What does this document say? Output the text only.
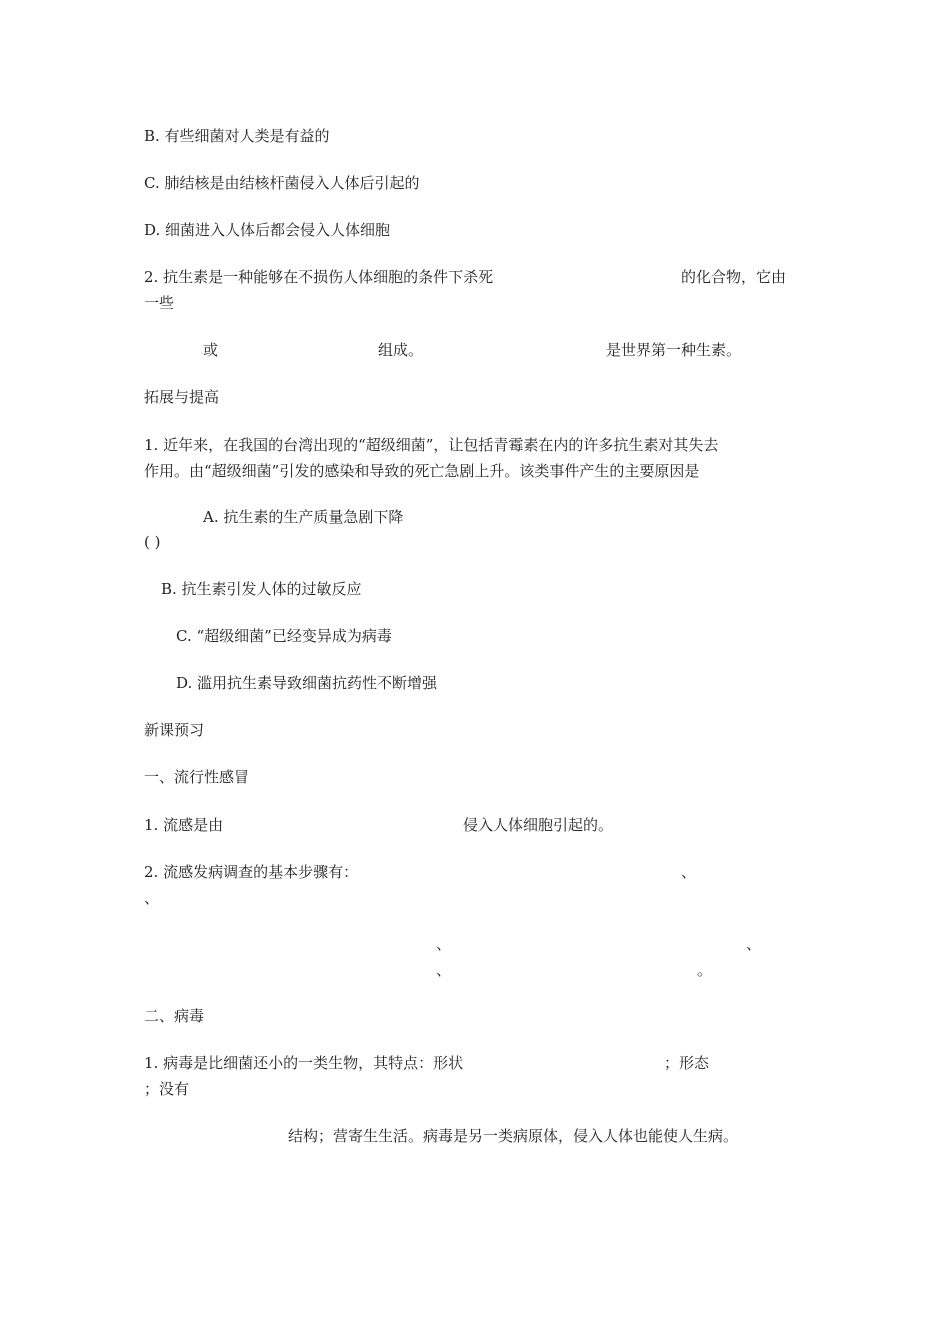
B. 有些细菌对人类是有益的
C. 肺结核是由结核杆菌侵入人体后引起的
D. 细菌进入人体后都会侵入人体细胞
2. 抗生素是一种能够在不损伤人体细胞的条件下杀死	的化合物，它由
一些
或	组成。	是世界第一种生素。
拓展与提高
1. 近年来，在我国的台湾出现的“超级细菌”，让包括青霉素在内的许多抗生素对其失去
作用。由“超级细菌”引发的感染和导致的死亡急剧上升。该类事件产生的主要原因是
A. 抗生素的生产质量急剧下降
( )
B. 抗生素引发人体的过敏反应
C. “超级细菌”已经变异成为病毒
D. 滥用抗生素导致细菌抗药性不断增强
新课预习
一、流行性感冒
1. 流感是由	侵入人体细胞引起的。
2. 流感发病调查的基本步骤有：	、
、
、	、
、	。
二、病毒
1. 病毒是比细菌还小的一类生物，其特点：形状	；形态
；没有
结构；营寄生生活。病毒是另一类病原体，侵入人体也能使人生病。
